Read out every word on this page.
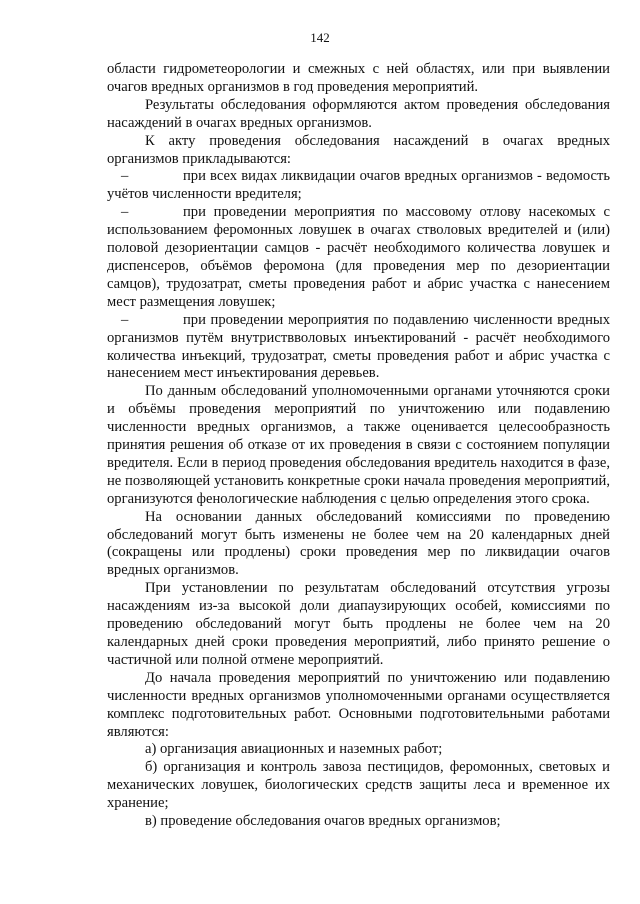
142

области гидрометеорологии и смежных с ней областях, или при выявлении очагов вредных организмов в год проведения мероприятий.

Результаты обследования оформляются актом проведения обследования насаждений в очагах вредных организмов.

К акту проведения обследования насаждений в очагах вредных организмов прикладываются:

–	при всех видах ликвидации очагов вредных организмов - ведомость учётов численности вредителя;

–	при проведении мероприятия по массовому отлову насекомых с использованием феромонных ловушек в очагах стволовых вредителей и (или) половой дезориентации самцов - расчёт необходимого количества ловушек и диспенсеров, объёмов феромона (для проведения мер по дезориентации самцов), трудозатрат, сметы проведения работ и абрис участка с нанесением мест размещения ловушек;

–	при проведении мероприятия по подавлению численности вредных организмов путём внутриствволовых инъектирований - расчёт необходимого количества инъекций, трудозатрат, сметы проведения работ и абрис участка с нанесением мест инъектирования деревьев.

По данным обследований уполномоченными органами уточняются сроки и объёмы проведения мероприятий по уничтожению или подавлению численности вредных организмов, а также оценивается целесообразность принятия решения об отказе от их проведения в связи с состоянием популяции вредителя. Если в период проведения обследования вредитель находится в фазе, не позволяющей установить конкретные сроки начала проведения мероприятий, организуются фенологические наблюдения с целью определения этого срока.

На основании данных обследований комиссиями по проведению обследований могут быть изменены не более чем на 20 календарных дней (сокращены или продлены) сроки проведения мер по ликвидации очагов вредных организмов.

При установлении по результатам обследований отсутствия угрозы насаждениям из-за высокой доли диапаузирующих особей, комиссиями по проведению обследований могут быть продлены не более чем на 20 календарных дней сроки проведения мероприятий, либо принято решение о частичной или полной отмене мероприятий.

До начала проведения мероприятий по уничтожению или подавлению численности вредных организмов уполномоченными органами осуществляется комплекс подготовительных работ. Основными подготовительными работами являются:

а) организация авиационных и наземных работ;

б) организация и контроль завоза пестицидов, феромонных, световых и механических ловушек, биологических средств защиты леса и временное их хранение;

в) проведение обследования очагов вредных организмов;
